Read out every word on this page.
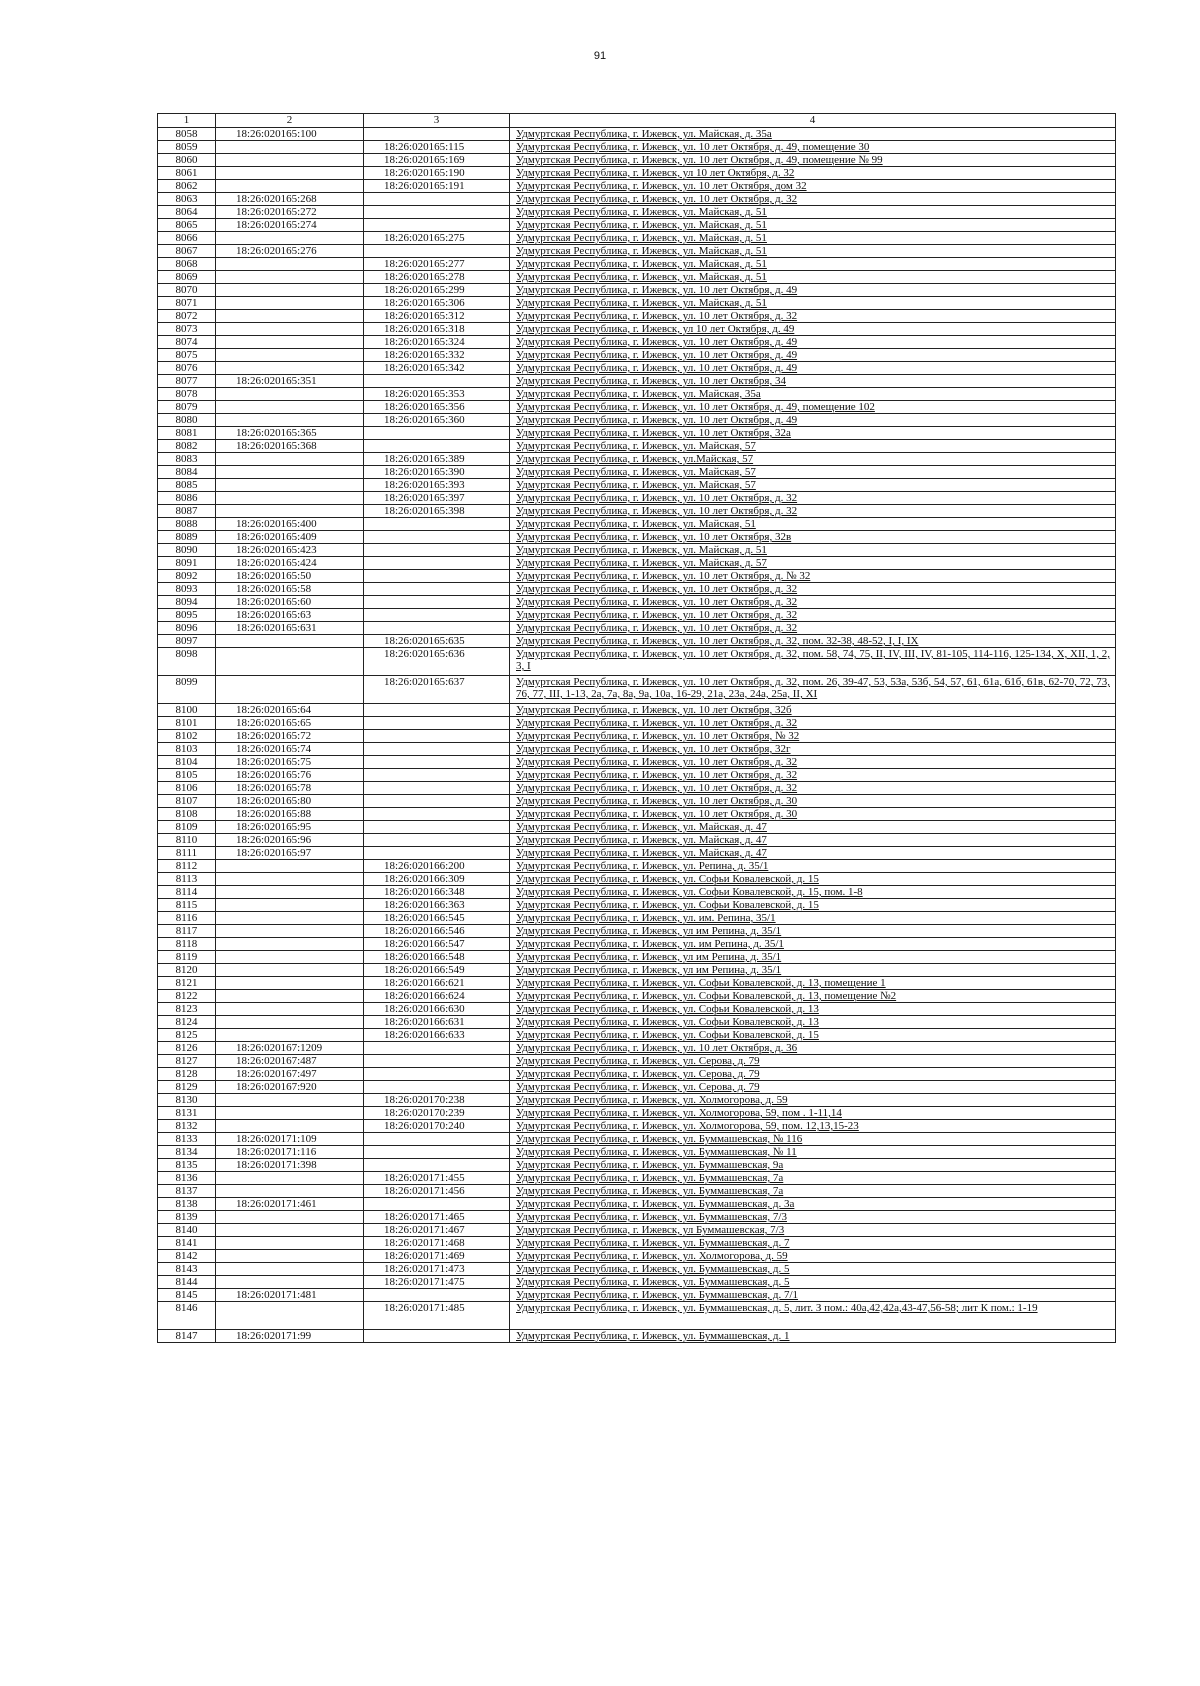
91
1	2	3	4
8058	18:26:020165:100		Удмуртская Республика, г. Ижевск, ул. Майская, д. 35а
8059		18:26:020165:115	Удмуртская Республика, г. Ижевск, ул. 10 лет Октября, д. 49, помещение 30
8060		18:26:020165:169	Удмуртская Республика, г. Ижевск, ул. 10 лет Октября, д. 49, помещение № 99
8061		18:26:020165:190	Удмуртская Республика, г. Ижевск, ул 10 лет Октября, д. 32
8062		18:26:020165:191	Удмуртская Республика, г. Ижевск, ул. 10 лет Октября, дом 32
8063	18:26:020165:268		Удмуртская Республика, г. Ижевск, ул. 10 лет Октября, д. 32
8064	18:26:020165:272		Удмуртская Республика, г. Ижевск, ул. Майская, д. 51
8065	18:26:020165:274		Удмуртская Республика, г. Ижевск, ул. Майская, д. 51
8066		18:26:020165:275	Удмуртская Республика, г. Ижевск, ул. Майская, д. 51
8067	18:26:020165:276		Удмуртская Республика, г. Ижевск, ул. Майская, д. 51
8068		18:26:020165:277	Удмуртская Республика, г. Ижевск, ул. Майская, д. 51
8069		18:26:020165:278	Удмуртская Республика, г. Ижевск, ул. Майская, д. 51
8070		18:26:020165:299	Удмуртская Республика, г. Ижевск, ул. 10 лет Октября, д. 49
8071		18:26:020165:306	Удмуртская Республика, г. Ижевск, ул. Майская, д. 51
8072		18:26:020165:312	Удмуртская Республика, г. Ижевск, ул. 10 лет Октября, д. 32
8073		18:26:020165:318	Удмуртская Республика, г. Ижевск, ул 10 лет Октября, д. 49
8074		18:26:020165:324	Удмуртская Республика, г. Ижевск, ул. 10 лет Октября, д. 49
8075		18:26:020165:332	Удмуртская Республика, г. Ижевск, ул. 10 лет Октября, д. 49
8076		18:26:020165:342	Удмуртская Республика, г. Ижевск, ул. 10 лет Октября, д. 49
8077	18:26:020165:351		Удмуртская Республика, г. Ижевск, ул. 10 лет Октября, 34
8078		18:26:020165:353	Удмуртская Республика, г. Ижевск, ул. Майская, 35а
8079		18:26:020165:356	Удмуртская Республика, г. Ижевск, ул. 10 лет Октября, д. 49, помещение 102
8080		18:26:020165:360	Удмуртская Республика, г. Ижевск, ул. 10 лет Октября, д. 49
8081	18:26:020165:365		Удмуртская Республика, г. Ижевск, ул. 10 лет Октября, 32а
8082	18:26:020165:368		Удмуртская Республика, г. Ижевск, ул. Майская, 57
8083		18:26:020165:389	Удмуртская Республика, г. Ижевск, ул.Майская, 57
8084		18:26:020165:390	Удмуртская Республика, г. Ижевск, ул. Майская, 57
8085		18:26:020165:393	Удмуртская Республика, г. Ижевск, ул. Майская, 57
8086		18:26:020165:397	Удмуртская Республика, г. Ижевск, ул. 10 лет Октября, д. 32
8087		18:26:020165:398	Удмуртская Республика, г. Ижевск, ул. 10 лет Октября, д. 32
8088	18:26:020165:400		Удмуртская Республика, г. Ижевск, ул. Майская, 51
8089	18:26:020165:409		Удмуртская Республика, г. Ижевск, ул. 10 лет Октября, 32в
8090	18:26:020165:423		Удмуртская Республика, г. Ижевск, ул. Майская, д. 51
8091	18:26:020165:424		Удмуртская Республика, г. Ижевск, ул. Майская, д. 57
8092	18:26:020165:50		Удмуртская Республика, г. Ижевск, ул. 10 лет Октября, д. № 32
8093	18:26:020165:58		Удмуртская Республика, г. Ижевск, ул. 10 лет Октября, д. 32
8094	18:26:020165:60		Удмуртская Республика, г. Ижевск, ул. 10 лет Октября, д. 32
8095	18:26:020165:63		Удмуртская Республика, г. Ижевск, ул. 10 лет Октября, д. 32
8096	18:26:020165:631		Удмуртская Республика, г. Ижевск, ул. 10 лет Октября, д. 32
8097		18:26:020165:635	Удмуртская Республика, г. Ижевск, ул. 10 лет Октября, д. 32, пом. 32-38, 48-52, I, I, IX
8098		18:26:020165:636	Удмуртская Республика, г. Ижевск, ул. 10 лет Октября, д. 32, пом. 58, 74, 75, II, IV, III, IV, 81-105, 114-116, 125-134, X, XII, 1, 2, 3, I
8099		18:26:020165:637	Удмуртская Республика, г. Ижевск, ул. 10 лет Октября, д. 32, пом. 26, 39-47, 53, 53а, 53б, 54, 57, 61, 61а, 61б, 61в, 62-70, 72, 73, 76, 77, III, 1-13, 2а, 7а, 8а, 9а, 10а, 16-29, 21а, 23а, 24а, 25а, II, XI
8100	18:26:020165:64		Удмуртская Республика, г. Ижевск, ул. 10 лет Октября, 32б
8101	18:26:020165:65		Удмуртская Республика, г. Ижевск, ул. 10 лет Октября, д. 32
8102	18:26:020165:72		Удмуртская Республика, г. Ижевск, ул. 10 лет Октября, № 32
8103	18:26:020165:74		Удмуртская Республика, г. Ижевск, ул. 10 лет Октября, 32г
8104	18:26:020165:75		Удмуртская Республика, г. Ижевск, ул. 10 лет Октября, д. 32
8105	18:26:020165:76		Удмуртская Республика, г. Ижевск, ул. 10 лет Октября, д. 32
8106	18:26:020165:78		Удмуртская Республика, г. Ижевск, ул. 10 лет Октября, д. 32
8107	18:26:020165:80		Удмуртская Республика, г. Ижевск, ул. 10 лет Октября, д. 30
8108	18:26:020165:88		Удмуртская Республика, г. Ижевск, ул. 10 лет Октября, д. 30
8109	18:26:020165:95		Удмуртская Республика, г. Ижевск, ул. Майская, д. 47
8110	18:26:020165:96		Удмуртская Республика, г. Ижевск, ул. Майская, д. 47
8111	18:26:020165:97		Удмуртская Республика, г. Ижевск, ул. Майская, д. 47
8112		18:26:020166:200	Удмуртская Республика, г. Ижевск, ул. Репина, д. 35/1
8113		18:26:020166:309	Удмуртская Республика, г. Ижевск, ул. Софьи Ковалевской, д. 15
8114		18:26:020166:348	Удмуртская Республика, г. Ижевск, ул. Софьи Ковалевской, д. 15, пом. 1-8
8115		18:26:020166:363	Удмуртская Республика, г. Ижевск, ул. Софьи Ковалевской, д. 15
8116		18:26:020166:545	Удмуртская Республика, г. Ижевск, ул. им. Репина, 35/1
8117		18:26:020166:546	Удмуртская Республика, г. Ижевск, ул им Репина, д. 35/1
8118		18:26:020166:547	Удмуртская Республика, г. Ижевск, ул. им Репина, д. 35/1
8119		18:26:020166:548	Удмуртская Республика, г. Ижевск, ул им Репина, д. 35/1
8120		18:26:020166:549	Удмуртская Республика, г. Ижевск, ул им Репина, д. 35/1
8121		18:26:020166:621	Удмуртская Республика, г. Ижевск, ул. Софьи Ковалевской, д. 13, помещение 1
8122		18:26:020166:624	Удмуртская Республика, г. Ижевск, ул. Софьи Ковалевской, д. 13, помещение №2
8123		18:26:020166:630	Удмуртская Республика, г. Ижевск, ул. Софьи Ковалевской, д. 13
8124		18:26:020166:631	Удмуртская Республика, г. Ижевск, ул. Софьи Ковалевской, д. 13
8125		18:26:020166:633	Удмуртская Республика, г. Ижевск, ул. Софьи Ковалевской, д. 15
8126	18:26:020167:1209		Удмуртская Республика, г. Ижевск, ул. 10 лет Октября, д. 36
8127	18:26:020167:487		Удмуртская Республика, г. Ижевск, ул. Серова, д. 79
8128	18:26:020167:497		Удмуртская Республика, г. Ижевск, ул. Серова, д. 79
8129	18:26:020167:920		Удмуртская Республика, г. Ижевск, ул. Серова, д. 79
8130		18:26:020170:238	Удмуртская Республика, г. Ижевск, ул. Холмогорова, д. 59
8131		18:26:020170:239	Удмуртская Республика, г. Ижевск, ул. Холмогорова, 59, пом . 1-11,14
8132		18:26:020170:240	Удмуртская Республика, г. Ижевск, ул. Холмогорова, 59, пом. 12,13,15-23
8133	18:26:020171:109		Удмуртская Республика, г. Ижевск, ул. Буммашевская, № 116
8134	18:26:020171:116		Удмуртская Республика, г. Ижевск, ул. Буммашевская, № 11
8135	18:26:020171:398		Удмуртская Республика, г. Ижевск, ул. Буммашевская, 9а
8136		18:26:020171:455	Удмуртская Республика, г. Ижевск, ул. Буммашевская, 7а
8137		18:26:020171:456	Удмуртская Республика, г. Ижевск, ул. Буммашевская, 7а
8138	18:26:020171:461		Удмуртская Республика, г. Ижевск, ул. Буммашевская, д. 3а
8139		18:26:020171:465	Удмуртская Республика, г. Ижевск, ул. Буммашевская, 7/3
8140		18:26:020171:467	Удмуртская Республика, г. Ижевск, ул Буммашевская, 7/3
8141		18:26:020171:468	Удмуртская Республика, г. Ижевск, ул. Буммашевская, д. 7
8142		18:26:020171:469	Удмуртская Республика, г. Ижевск, ул. Холмогорова, д. 59
8143		18:26:020171:473	Удмуртская Республика, г. Ижевск, ул. Буммашевская, д. 5
8144		18:26:020171:475	Удмуртская Республика, г. Ижевск, ул. Буммашевская, д. 5
8145	18:26:020171:481		Удмуртская Республика, г. Ижевск, ул. Буммашевская, д. 7/1
8146		18:26:020171:485	Удмуртская Республика, г. Ижевск, ул. Буммашевская, д. 5, лит. З пом.: 40а,42,42а,43-47,56-58; лит К пом.: 1-19
8147	18:26:020171:99		Удмуртская Республика, г. Ижевск, ул. Буммашевская, д. 1
